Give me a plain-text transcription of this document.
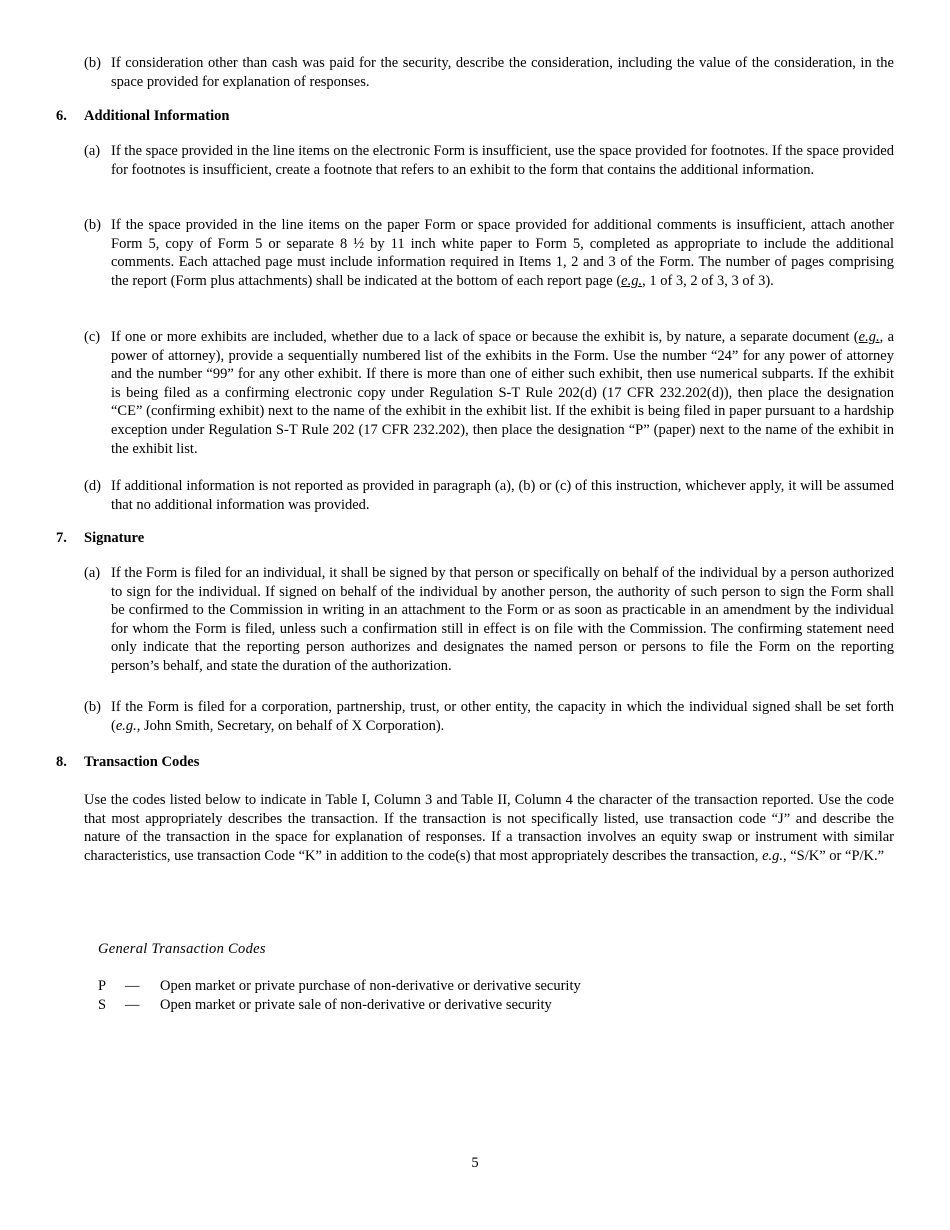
(b) If consideration other than cash was paid for the security, describe the consideration, including the value of the consideration, in the space provided for explanation of responses.
6. Additional Information
(a) If the space provided in the line items on the electronic Form is insufficient, use the space provided for footnotes. If the space provided for footnotes is insufficient, create a footnote that refers to an exhibit to the form that contains the additional information.
(b) If the space provided in the line items on the paper Form or space provided for additional comments is insufficient, attach another Form 5, copy of Form 5 or separate 8 ½ by 11 inch white paper to Form 5, completed as appropriate to include the additional comments. Each attached page must include information required in Items 1, 2 and 3 of the Form. The number of pages comprising the report (Form plus attachments) shall be indicated at the bottom of each report page (e.g., 1 of 3, 2 of 3, 3 of 3).
(c) If one or more exhibits are included, whether due to a lack of space or because the exhibit is, by nature, a separate document (e.g., a power of attorney), provide a sequentially numbered list of the exhibits in the Form. Use the number “24” for any power of attorney and the number “99” for any other exhibit. If there is more than one of either such exhibit, then use numerical subparts. If the exhibit is being filed as a confirming electronic copy under Regulation S-T Rule 202(d) (17 CFR 232.202(d)), then place the designation “CE” (confirming exhibit) next to the name of the exhibit in the exhibit list. If the exhibit is being filed in paper pursuant to a hardship exception under Regulation S-T Rule 202 (17 CFR 232.202), then place the designation “P” (paper) next to the name of the exhibit in the exhibit list.
(d) If additional information is not reported as provided in paragraph (a), (b) or (c) of this instruction, whichever apply, it will be assumed that no additional information was provided.
7. Signature
(a) If the Form is filed for an individual, it shall be signed by that person or specifically on behalf of the individual by a person authorized to sign for the individual. If signed on behalf of the individual by another person, the authority of such person to sign the Form shall be confirmed to the Commission in writing in an attachment to the Form or as soon as practicable in an amendment by the individual for whom the Form is filed, unless such a confirmation still in effect is on file with the Commission. The confirming statement need only indicate that the reporting person authorizes and designates the named person or persons to file the Form on the reporting person’s behalf, and state the duration of the authorization.
(b) If the Form is filed for a corporation, partnership, trust, or other entity, the capacity in which the individual signed shall be set forth (e.g., John Smith, Secretary, on behalf of X Corporation).
8. Transaction Codes
Use the codes listed below to indicate in Table I, Column 3 and Table II, Column 4 the character of the transaction reported. Use the code that most appropriately describes the transaction. If the transaction is not specifically listed, use transaction code “J” and describe the nature of the transaction in the space for explanation of responses. If a transaction involves an equity swap or instrument with similar characteristics, use transaction Code “K” in addition to the code(s) that most appropriately describes the transaction, e.g., “S/K” or “P/K.”
General Transaction Codes
P — Open market or private purchase of non-derivative or derivative security
S — Open market or private sale of non-derivative or derivative security
5
